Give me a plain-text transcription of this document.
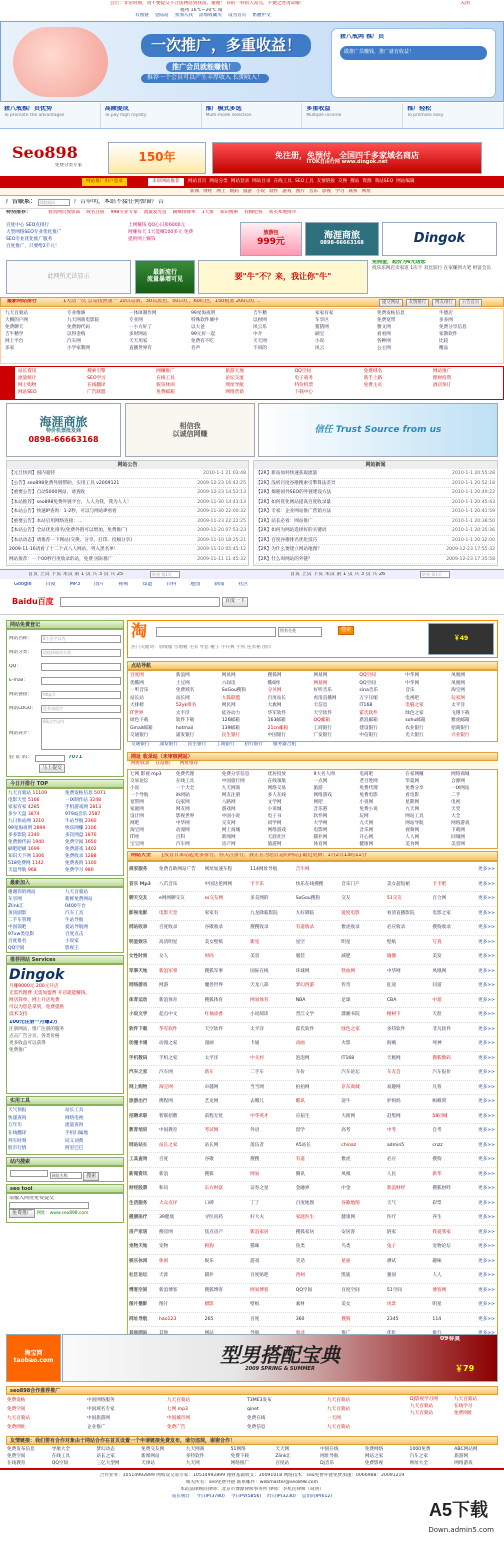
公告：非常时期，请不要提交不合法网站到我站，谢谢！ 你的一样的人站点，不便之处请谅解！
福州 16℃~20℃ 晴
关闭
有图链 登陆站 我加入我 添加收藏夹 设为首页 繁體中文
一次推广，多重收益！
推广会员就能赚钱！
推荐一个会员可以产生丰厚收入 长期收入！
猪八戒网 推广员
做推广员赚钱，推广就有收益！
猪八戒推广员优势
To promote the advantages
高额提成
To pay high royalty
推广模式多选
Multi-mode selection
多重收益
Multiple income
推广轻松
To promote easy
Seo898
免费分类专家
150年	免注册，免预付，全国四千多家域名商店
ITOK自由行网 www.dingok.net
网站推广用户登录	未审网站推荐	网站首页 网站分类 网站登录 网站目录 在线工具 SEO工具 友情链接 交换 搜站 资源 我站SEO 网站编辑
新闻 财经 网上 数码 旅游 小说 软件 游戏 图片 音乐 影视 学习 联系 网址
广告联系： Q数据码	广告申明，本站不接任何弹窗广告
特别推荐：	看清网页放影部 域名注册 998专业专家 流量发光仪 刷爆排排率 1天排 知识搜索 投稿吧我 我买本地排序
百度中心 SEO点排行
大型网络SEO专业优化推广
SEO专业优化推广服务
百度推广，只要给2千元！
上网赚钱 QQ心日接6000元
网赚每天 1天能赚100多元 免费
提供网上赚钱
旅游包
999元
海涯商旅
0898-66663168	Dingok
此网所无法显示	最新流行
流量暴增可见	要"牛"不？来，我让你"牛"
免佣金，起价为6元送您
找乐乐网店卖家返 1次不 双比较行 在家赚到大笔 财富会员
最新网站排行	1天动一次 总站按照第一 10以站数，30以蓝色，50以红，60红色，150粗蓝 200以红 ..	提交网站	友情排行	网友排行	公告首页
九天百骑站	专业维修	一体IX制作网	99星海夜明	吉牛精	家家有家	免费发帖信息	牛德店
大腾的户网	九天网商电影院	专业网	特殊软件城中	以财网	车享区	免费宽带	多多网
免费聊天	免费源代码	一小方好了	以大爸	风云乐	猪猪网	雅文网	免费分享信息
吉牛精学	以得金购	多时网站	99元好一起	中介	刷宝	看看网	家教软件
网上平台	汽车网	天天用家	免费有不吃	天天网	小说	各种网	比较
多家	小学家教网	直播世界有	名声	不同的	风云	公主网	精品
站长资讯	搜索引擎	网赚推广	旅游天地	QQ空间	免费域名	网站推广
流量统计	SEO学习	在线工具	论坛交流	电子商务	新手上路	理财投资
网上购物	在线翻译	娱乐休闲	网址导航	特价机票	免费主页	酒店预订
网站SEO	广告联盟	免费邮箱	网络营销	下载中心
海涯商旅
特价机票批发商
0898-66663168
相信我
以诚信网赚	信任 Trust Source from us
网站公告
【元旦快到】国内超特	2010-1-1 21:03:48
【公告】seo898免费外链帮助，实用工具 v2009121	2009-12-23 16:42:25
【重要公告】自动5000网站，请查收	2009-12-23 14:53:13
【本站推荐】seo898免费外链平台，人人为我，我为人人！	2009-11-30 14:43:13
【本站公告】快速IP查询：1-2秒，可以与网站IP看看	2009-11-30 22:00:32
【重要公告】本站启用网络连接：...	2009-11-23 22:22:25
【本站公告】全站优化排名(免费外链可以增加，免费推广)	2009-11-20 07:53:23
【本站动态】请推荐一下网站(交换、分享、打印、投稿分享)	2009-11-10 18:25:21
2009-11-16请看了十二个式八人网站，列入黑名单！	2009-11-10 05:45:12
网站推荐：一个00秒百度收录的站，免费 国际推广	2009-11-11 11:45:32
网站新闻
【2R】新站如何快速获取流量	2010-1-1 20:55:28
【2R】浅析百度谷歌搜索引擎算法差异	2010-1-1 20:52:18
【2R】揭秘国外SEO的外链建设方法	2010-1-1 20:49:22
【2R】如何优化网站提高百度收录量	2010-1-1 20:45:43
【2R】专家：企业网站推广营销方法	2010-1-1 20:41:59
【2R】站长必看：网站推广	2010-1-1 20:38:50
【2R】如何为网站选择好的关键词	2010-1-1 20:35:36
【2R】百度谷歌排名优化技巧	2010-1-1 20:32:00
【2R】为什么要建立网站地图？	2009-12-23 17:55:32
【2R】什么叫网站的外链？	2009-12-23 17:35:58
首页 上页 下页 末页 第 1 页 共 3 页 共 25	转到 第1页	首页 上页 下页 末页 第 1 页 共 3 页 共 26	转到 第1页
Google	百度	MP3	图片	视频	知道	百科	地图	新闻	社区
Baidu百度	百度一下
网站免费登记
网站名称：	8个汉字以内
网站分类：	请选择网站分类
QQ：
E-mail：
网站链接：	http://
网站LOGO：	没有请留空
网站简介：
60以字以内
验 证 码：	7071
马上提交
今日开排行 TOP
九天百骑站 11109	免费发帖信息 5071
电影天堂 5166	一IX制作站 3248
家家有家 4285	手机游戏网 2813
多少天盘 3874	979dj音乐 2587
九日快站网 3210	牛站导航 2360
99星海夜明 2899	快乐网赚 2106
多多影院 2340	多次网盘 1870
免费源代码 1940	免费空间 1650
刷吧吧刷 1699	免费游戏 1402
知识天下网 1306	免费收录 1288
518免费网 1142	免费查询 1100
天盘导航 968	免费学习 980
最新加入
谢谢你的网站	九天百骑站
车享网	新鲜免费网站
Zlink汇	0400午台
顶顶剧影	汽车工具
二手车管理	牛站导航
中国领吧	爱站导航网
97xw类电影	百度点击
百度排名	小说家
QQ空间	影视王
推荐网站 Services
Dingok
月赚9000元 200元开店
无需代理费 无需加盟费 开店就能赚钱，
网店简单，网上开店免费
可以为您是拿到，免费提供
技术支持
100元注册一月赚2万
注册网站，推广注册的服务
点击广告分页，各类价格
更多收益可以获得
免费推广
实用工具
天气预报	站长工具
快递查询	网络电视
万年历	流量查询
在线翻译	手机归属地
列车时刻	同义词典
股市行情	阿里巴巴
站内搜索
网址名称	搜索
seo tool
请输入网址免费提交
免费推广 网址：www.seo898.com
淘	所有分类	搜索
￥49
热门关键词：羽绒服 雪地靴 毛衣 外套 靴子 牛仔裤 手机 连衣裙 围巾
点站导航
百度网	新浪网	网易网	搜狐网	网易网	QQ空间	中华网	凤凰网
优酷网	土豆网	六间房	酷6网	网易网	QQ空间	中华网	凤凰网
一听音乐	免费域名	SoGou搜狗	分贝网	好听音乐	sina音乐	音乐	淘宝网
站长站	站长网	九狐联盟	百度站长	看清直播网	万宇压缩	电视吧	玩家网
大排榜	52yk排名	网民网	大旗网	天信息	IT168	电脑之家	太平洋
IT世界	太平洋	硅谷动力	华军软件	天空软件	霍氏软件	绿色之家	飞翔下载
绿色下载	软件下载	126邮箱	163邮箱	QQ邮箱	新浪邮箱	sohu邮箱	雅虎邮箱
Gmail邮箱	hotmail	139邮箱	21cn邮箱	工商银行	建设银行	农业银行	招商银行
交通银行	浦发银行	民生银行	中国银行	广发银行	中信银行	光大银行	兴业银行
交通银行 浦发银行 民生银行 工商银行 招行银行 服务器合租
网址 收录站（未审核网站）
网址收录 在站推广 网址推荐
七网 影视 mp3	免费代理	免费分享信息	优居投放	9大名人网	电商吧	在家网赚	网络商城
交易论坛	在线工具	中国旅行网	在线领航	一点网	老百姓网	华夏网	合源网
小说	一个大全	九天网商	网络交易	旅游	免费代理	免费分享	一IX网站
一个导航	ilk网站	网友注册	多人在线	网络游戏	免费电影	看电影	二手
宽带网	玩家网	八路网	文学网	网吧	小说网	星期网	电视
家庭网	网友网	游戏网	小说城	音乐港	免费小说	九天网	天堂
设计网	影视世界	中国小说	电子书	软件网	玩网	网站工具	大全
网吧	中华网	交友网	同学网	大学网	九天网	网站导航	网络游戏
淘宝网	动漫网	网上商城	网络游戏	电影网	音乐网	视频网	下载网
IT网	百科	新闻网	天涯社区	猫扑网	开心网	人人网	同城网
宝宝网	汽车网	房产网	旅游网	体育网	健康网	美食网	美容网
网站大全 [按首日来站起更多排行，你关注排行，我正在为您打造的网站] 最近更新：1月2日13时11分
商家服务	免费自助网站广告	网址加速车程	114网址导航	吉牛网	更多>>
音乐 Mp3	八爪音乐	中国达伦网网	卡卡乐	快乐在线搜搜	音乐门户	美女超短裙	卡卡吧	更多>>
聊天交友	e网网聊交友	ss交友网	多美网的	SoGou搜狗	交友	51交友	百合网	更多>>
影视电影	电影天堂	家家有	九龙降临影院	九好降临	爱度电影	看清直播影院	电影之家	更多>>
网站收录	百度收录	谷歌收录	搜搜收录	有道收录	雅虎收录	必应收录	搜狗收录	更多>>
明星娱乐	高清明星	美女壁纸	新星	星空	明星	壁纸	写真	更多>>
女性时尚	女人	时尚	美容	服装	减肥	瑜伽	美发	更多>>
军事天地	新浪军事	搜狐军事	国际在线	环球网	铁血网	中华网	凤凰网	更多>>
网络游戏	网游	魔兽世界	天龙八部	梦幻西游	传奇	征途	问道	更多>>
体育运动	新浪体育	搜狐体育	网易体育	NBA	足球	CBA	中超	更多>>
小说文学	起点中文	红袖添香	小说阅读	晋江文学	潇湘书院	榕树下	天涯	更多>>
软件下载	华军软件	天空软件	太平洋	霍氏软件	绿色之家	多特软件	非凡软件	更多>>
动漫卡通	动漫之家	漫画	卡通	动画	火影	海贼	死神	更多>>
手机数码	手机之家	太平洋	中关村	泡泡网	IT168	天极网	搜狐数码	更多>>
汽车之家	汽车网	新车	二手车	车价	汽车论坛	车友会	汽车报价	更多>>
网上购物	淘宝网	卓越网	当当网	拍拍网	京东商城	易趣网	凡客	更多>>
旅游出行	携程网	艺龙网	去哪儿	酷讯	途牛	驴妈妈	蚂蜂窝	更多>>
招聘求职	智联招聘	前程无忧	中华英才	应届生	大街网	赶集网	58同城	更多>>
教育培训	中国教育	考试网	外语	留学	高考	中考	自考	更多>>
网站站长	站长之家	站长网	落伍者	A5站长	chinaz	admin5	cnzz	更多>>
工具查询	百度	谷歌	搜搜	有道	雅虎	必应	搜狗	更多>>
新闻资讯	新浪	搜狐	网易	腾讯	凤凰	人民	新华	更多>>
财经股票	和讯	东方财富	证券之星	金融界	中金	新浪财经	搜狐财经	更多>>
生活服务	大众点评	口碑	丁丁	百度地图	谷歌地图	天气	彩票	更多>>
健康医疗	39健康	寻医问药	好大夫	家庭医生	健康网	医疗	养生	更多>>
房产家居	搜房网	焦点房产	新浪家居	搜狐家居	安居客	链家	我爱我家	更多>>
宠物天地	宠物	狗狗	猫咪	鱼类	鸟类	兔子	宠物论坛	更多>>
娱乐休闲	休闲	娱乐	游戏	笑话	星座	测试	趣味	更多>>
社区论坛	天涯	猫扑	百度贴吧	西祠	凯迪	强国	人人	更多>>
博客空间	新浪博客	搜狐博客	网易博客	QQ空间	百度空间	51空间	博客网	更多>>
图片摄影	图片	摄影	壁纸	素材	美女	风景	明星	更多>>
网址导航	hao123	265	百度	360	搜狗	2345	114	更多>>
淘宝网 taobao.com	型男搭配宝典
2009 SPRING & SUMMER
09春夏
￥79
seo898合作推荐推广
免费发帖	中国网络服务	九天百骑站	T3ME3发布	九天百骑站
免费空间	中国域名专家	七网 mp3	qinet	九天百骑站
九天百骑站	中国旅游网	中国城市网	免费在线	一天网
免费网址	企业推广	免费广告	免费信息	九天百骑站
DJ影视学习网	九天百骑站
九天百骑站	在线学习
九天百骑站	免费网址
友情链接：我们要有合作对象由于网站合作在首页设置一个申请链接免费发布，请勿违规，谢谢合作！
免费发布信息	导航大全	梦幻动态	免费交友网	九天网商	51网络	天天网	中国在线	免费网络	1000免费	ABC网站网
免费空间	在线工具	站长之家	新闻网站	多特软件	免费下载	Zlink汇	网址导航	网站之家	汽车之家	旅游网
在线教育	QQ空间	三亿大型网	天津站	九天网	网络推广	百度站	Dj音乐	免费影视	网址大全	网络游戏
合作业务：10514992899 网购双交易专家：10514992899 理财基础收支：20091018 网络技术：seo免费外链免费加速：0066988：20091219
相关所有：seo免费外链 联系邮件：webmaster@seo898.com
本站法律顾问律师：北京市博源律师事务所 律师：李兆民律师（简明）
站长统计 今日IP(3780) 今日PV(5856) 昨日IP(3230) 总访问IP(612)
A5下载
Down.admin5.com
